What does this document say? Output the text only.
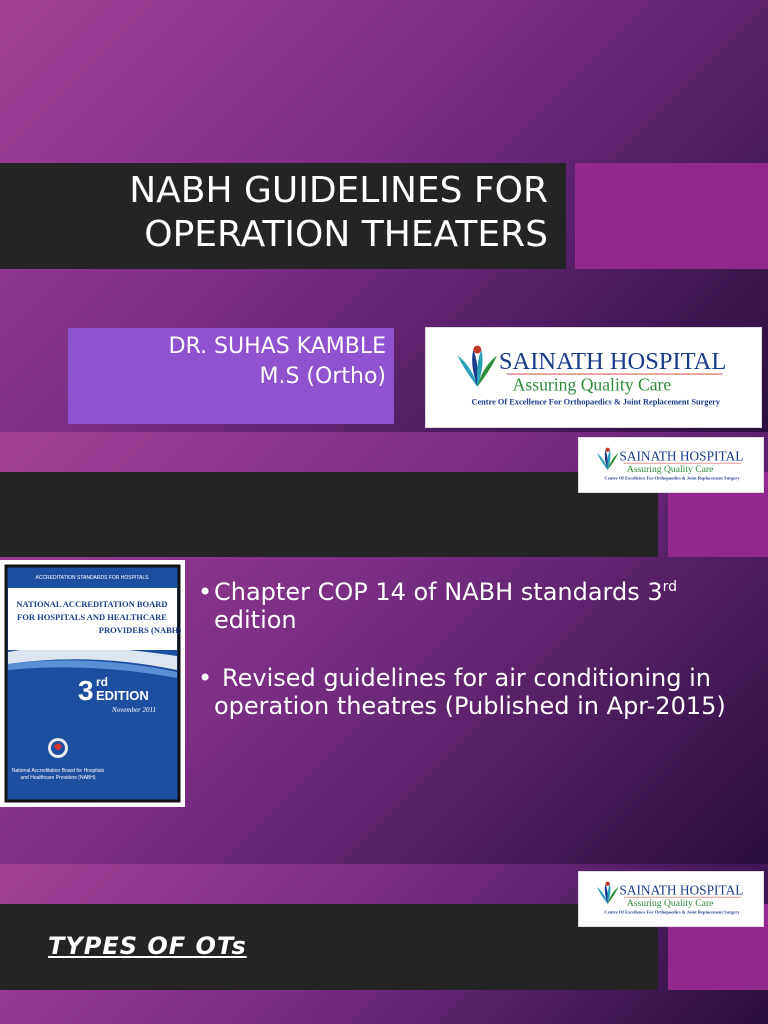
NABH GUIDELINES FOR
OPERATION THEATERS
DR. SUHAS KAMBLE
M.S (Ortho)
SAINATH HOSPITAL
Assuring Quality Care
Centre Of Excellence For Orthopaedics & Joint Replacement Surgery
SAINATH HOSPITAL
Assuring Quality Care
Centre Of Excellence For Orthopaedics & Joint Replacement Surgery
ACCREDITATION STANDARDS FOR HOSPITALS
NATIONAL ACCREDITATION BOARD
FOR HOSPITALS AND HEALTHCARE
PROVIDERS (NABH)
3 rd
EDITION
November 2011
National Accreditation Board for Hospitals
and Healthcare Providers (NABH)
• Chapter COP 14 of NABH standards 3rd edition
• Revised guidelines for air conditioning in operation theatres (Published in Apr-2015)
TYPES OF OTs
SAINATH HOSPITAL
Assuring Quality Care
Centre Of Excellence For Orthopaedics & Joint Replacement Surgery
